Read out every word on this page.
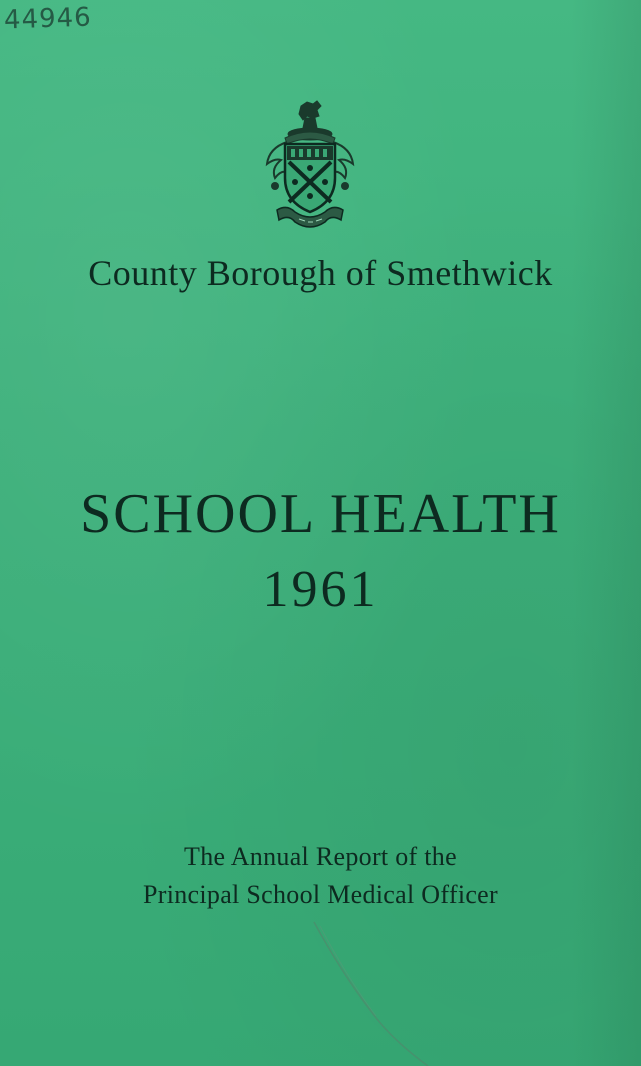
44946
County Borough of Smethwick
SCHOOL HEALTH
1961
The Annual Report of the
Principal School Medical Officer
